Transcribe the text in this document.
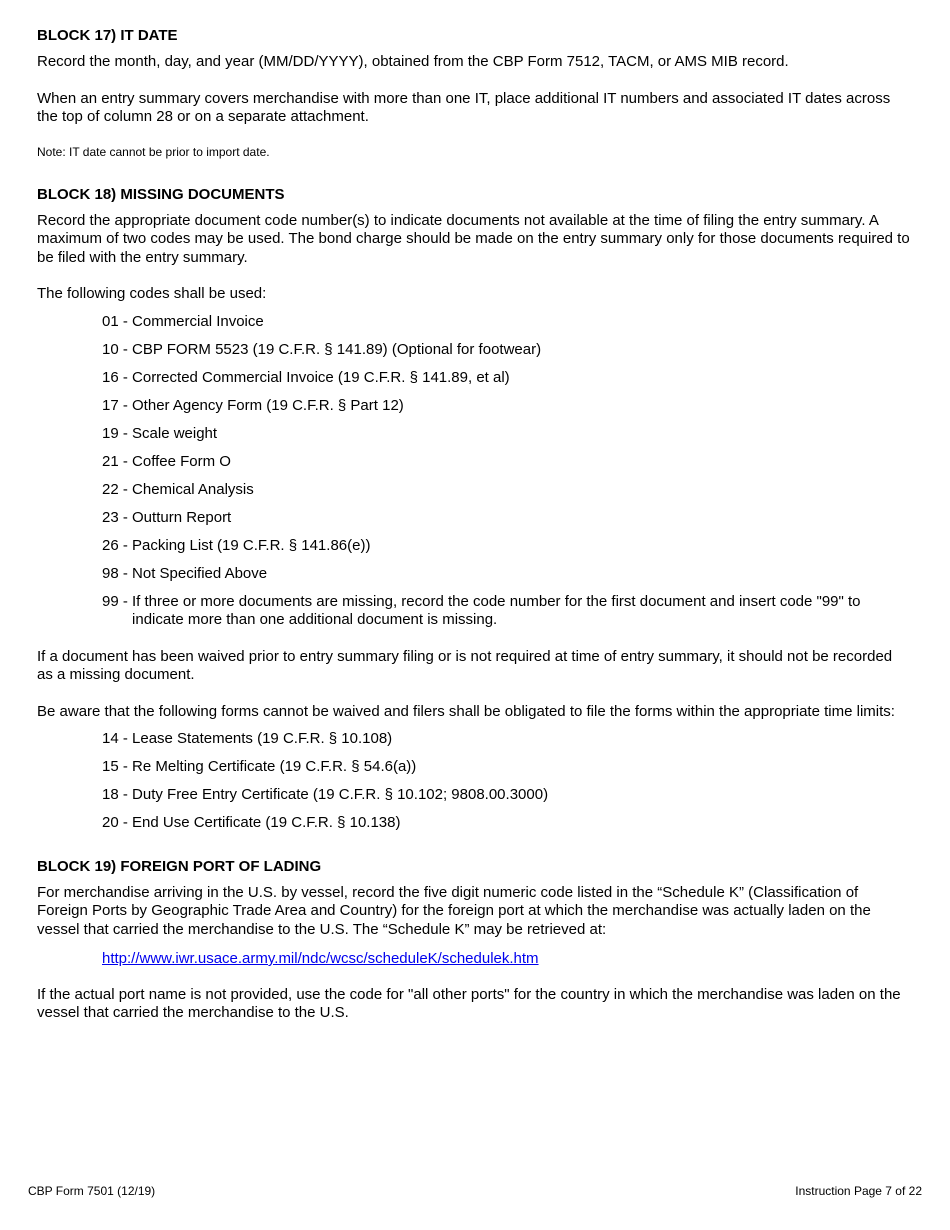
BLOCK 17) IT DATE

Record the month, day, and year (MM/DD/YYYY), obtained from the CBP Form 7512, TACM, or AMS MIB record.

When an entry summary covers merchandise with more than one IT, place additional IT numbers and associated IT dates across the top of column 28 or on a separate attachment.

Note: IT date cannot be prior to import date.

BLOCK 18) MISSING DOCUMENTS

Record the appropriate document code number(s) to indicate documents not available at the time of filing the entry summary. A maximum of two codes may be used. The bond charge should be made on the entry summary only for those documents required to be filed with the entry summary.

The following codes shall be used:

01 - Commercial Invoice
10 - CBP FORM 5523 (19 C.F.R. § 141.89) (Optional for footwear)
16 - Corrected Commercial Invoice (19 C.F.R. § 141.89, et al)
17 - Other Agency Form (19 C.F.R. § Part 12)
19 - Scale weight
21 - Coffee Form O
22 - Chemical Analysis
23 - Outturn Report
26 - Packing List (19 C.F.R. § 141.86(e))
98 - Not Specified Above
99 - If three or more documents are missing, record the code number for the first document and insert code "99" to indicate more than one additional document is missing.

If a document has been waived prior to entry summary filing or is not required at time of entry summary, it should not be recorded as a missing document.

Be aware that the following forms cannot be waived and filers shall be obligated to file the forms within the appropriate time limits:

14 - Lease Statements (19 C.F.R. § 10.108)
15 - Re Melting Certificate (19 C.F.R. § 54.6(a))
18 - Duty Free Entry Certificate (19 C.F.R. § 10.102; 9808.00.3000)
20 - End Use Certificate (19 C.F.R. § 10.138)
BLOCK 19) FOREIGN PORT OF LADING

For merchandise arriving in the U.S. by vessel, record the five digit numeric code listed in the “Schedule K” (Classification of Foreign Ports by Geographic Trade Area and Country) for the foreign port at which the merchandise was actually laden on the vessel that carried the merchandise to the U.S. The “Schedule K” may be retrieved at:

http://www.iwr.usace.army.mil/ndc/wcsc/scheduleK/schedulek.htm

If the actual port name is not provided, use the code for "all other ports" for the country in which the merchandise was laden on the vessel that carried the merchandise to the U.S.

CBP Form 7501 (12/19)	Instruction Page 7 of 22
